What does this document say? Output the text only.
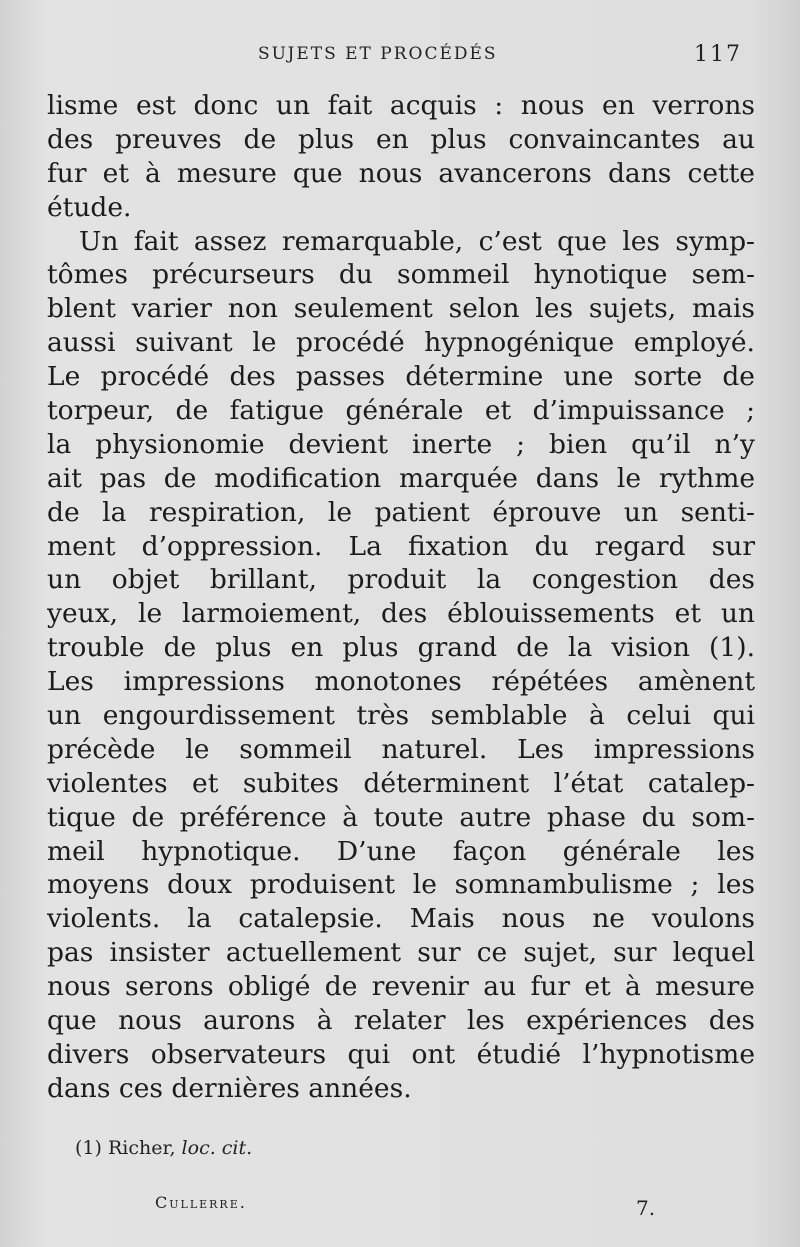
SUJETS ET PROCÉDÉS	117
lisme est donc un fait acquis : nous en verrons
des preuves de plus en plus convaincantes au
fur et à mesure que nous avancerons dans cette
étude.
Un fait assez remarquable, c’est que les symp-
tômes précurseurs du sommeil hynotique sem-
blent varier non seulement selon les sujets, mais
aussi suivant le procédé hypnogénique employé.
Le procédé des passes détermine une sorte de
torpeur, de fatigue générale et d’impuissance ;
la physionomie devient inerte ; bien qu’il n’y
ait pas de modification marquée dans le rythme
de la respiration, le patient éprouve un senti-
ment d’oppression. La fixation du regard sur
un objet brillant, produit la congestion des
yeux, le larmoiement, des éblouissements et un
trouble de plus en plus grand de la vision (1).
Les impressions monotones répétées amènent
un engourdissement très semblable à celui qui
précède le sommeil naturel. Les impressions
violentes et subites déterminent l’état catalep-
tique de préférence à toute autre phase du som-
meil hypnotique. D’une façon générale les
moyens doux produisent le somnambulisme ; les
violents. la catalepsie. Mais nous ne voulons
pas insister actuellement sur ce sujet, sur lequel
nous serons obligé de revenir au fur et à mesure
que nous aurons à relater les expériences des
divers observateurs qui ont étudié l’hypnotisme
dans ces dernières années.
(1) Richer, loc. cit.
Cullerre.	7.
